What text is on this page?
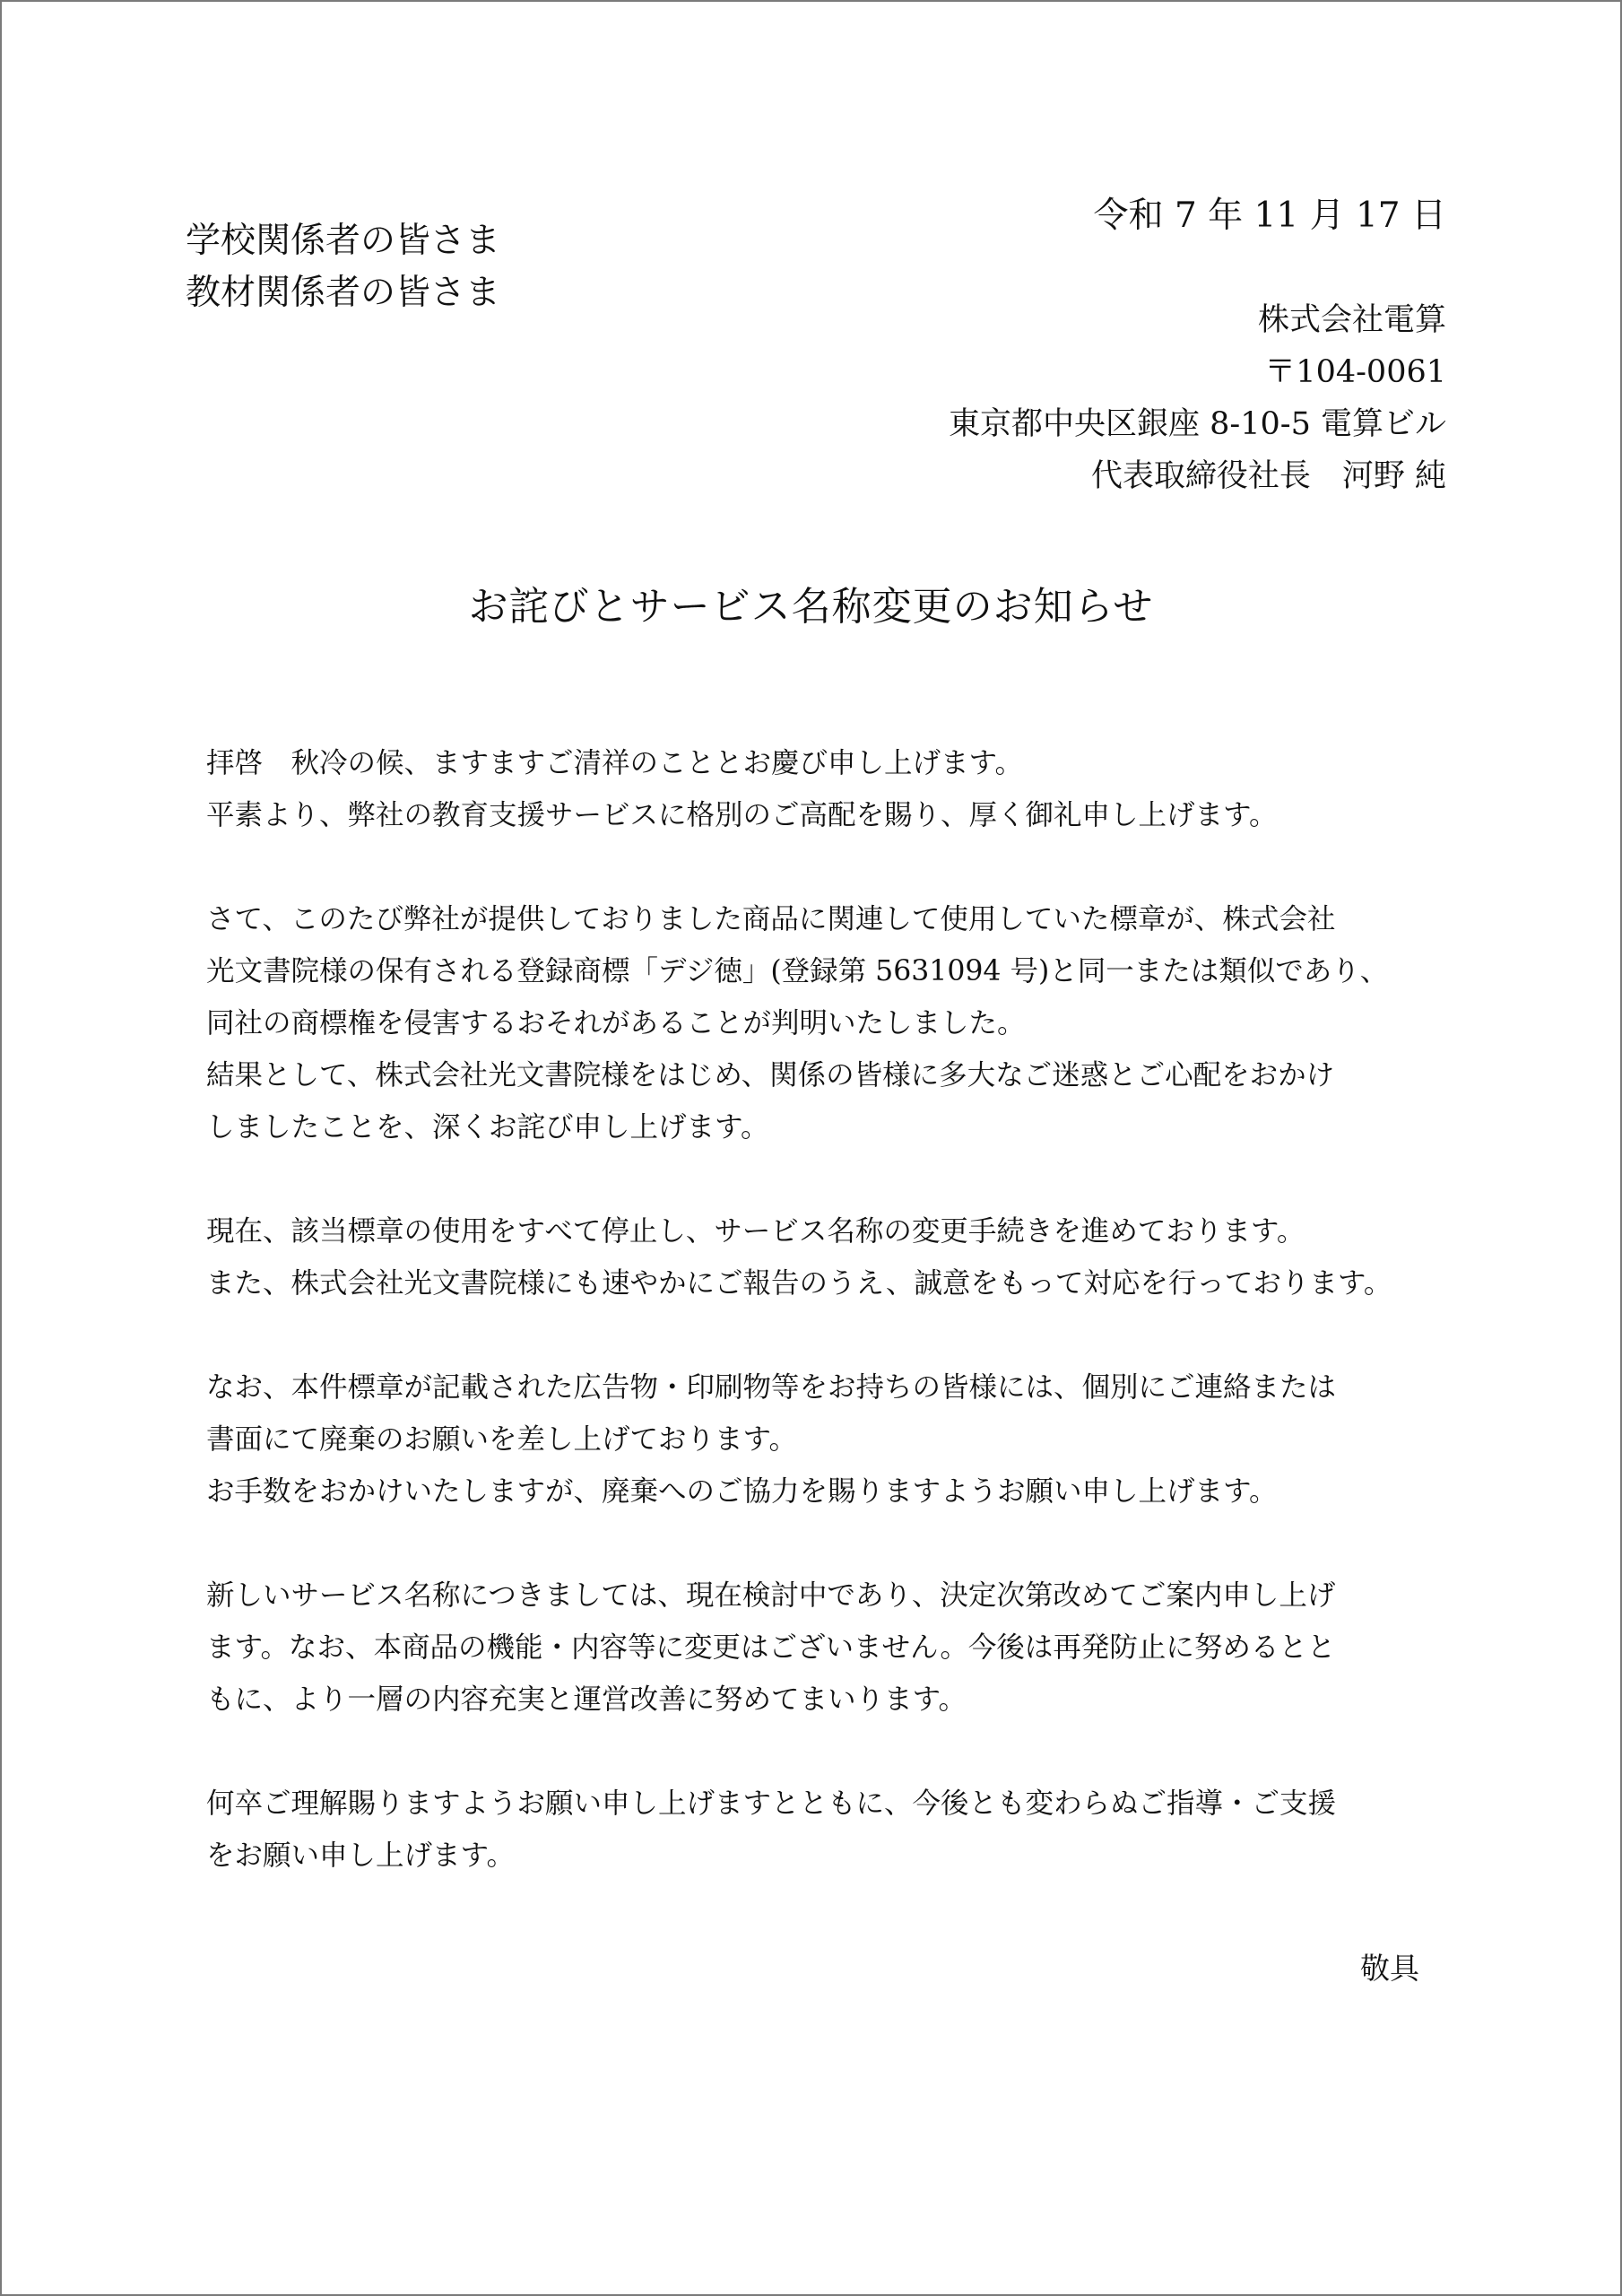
学校関係者の皆さま
教材関係者の皆さま
令和 7 年 11 月 17 日
株式会社電算
〒104-0061
東京都中央区銀座 8-10-5 電算ビル
代表取締役社長　河野 純
お詫びとサービス名称変更のお知らせ
拝啓　秋冷の候、ますますご清祥のこととお慶び申し上げます。
平素より、弊社の教育支援サービスに格別のご高配を賜り、厚く御礼申し上げます。
さて、このたび弊社が提供しておりました商品に関連して使用していた標章が、株式会社
光文書院様の保有される登録商標「デジ徳」(登録第 5631094 号)と同一または類似であり、
同社の商標権を侵害するおそれがあることが判明いたしました。
結果として、株式会社光文書院様をはじめ、関係の皆様に多大なご迷惑とご心配をおかけ
しましたことを、深くお詫び申し上げます。
現在、該当標章の使用をすべて停止し、サービス名称の変更手続きを進めております。
また、株式会社光文書院様にも速やかにご報告のうえ、誠意をもって対応を行っております。
なお、本件標章が記載された広告物・印刷物等をお持ちの皆様には、個別にご連絡または
書面にて廃棄のお願いを差し上げております。
お手数をおかけいたしますが、廃棄へのご協力を賜りますようお願い申し上げます。
新しいサービス名称につきましては、現在検討中であり、決定次第改めてご案内申し上げ
ます。なお、本商品の機能・内容等に変更はございません。今後は再発防止に努めるとと
もに、より一層の内容充実と運営改善に努めてまいります。
何卒ご理解賜りますようお願い申し上げますとともに、今後とも変わらぬご指導・ご支援
をお願い申し上げます。
敬具
